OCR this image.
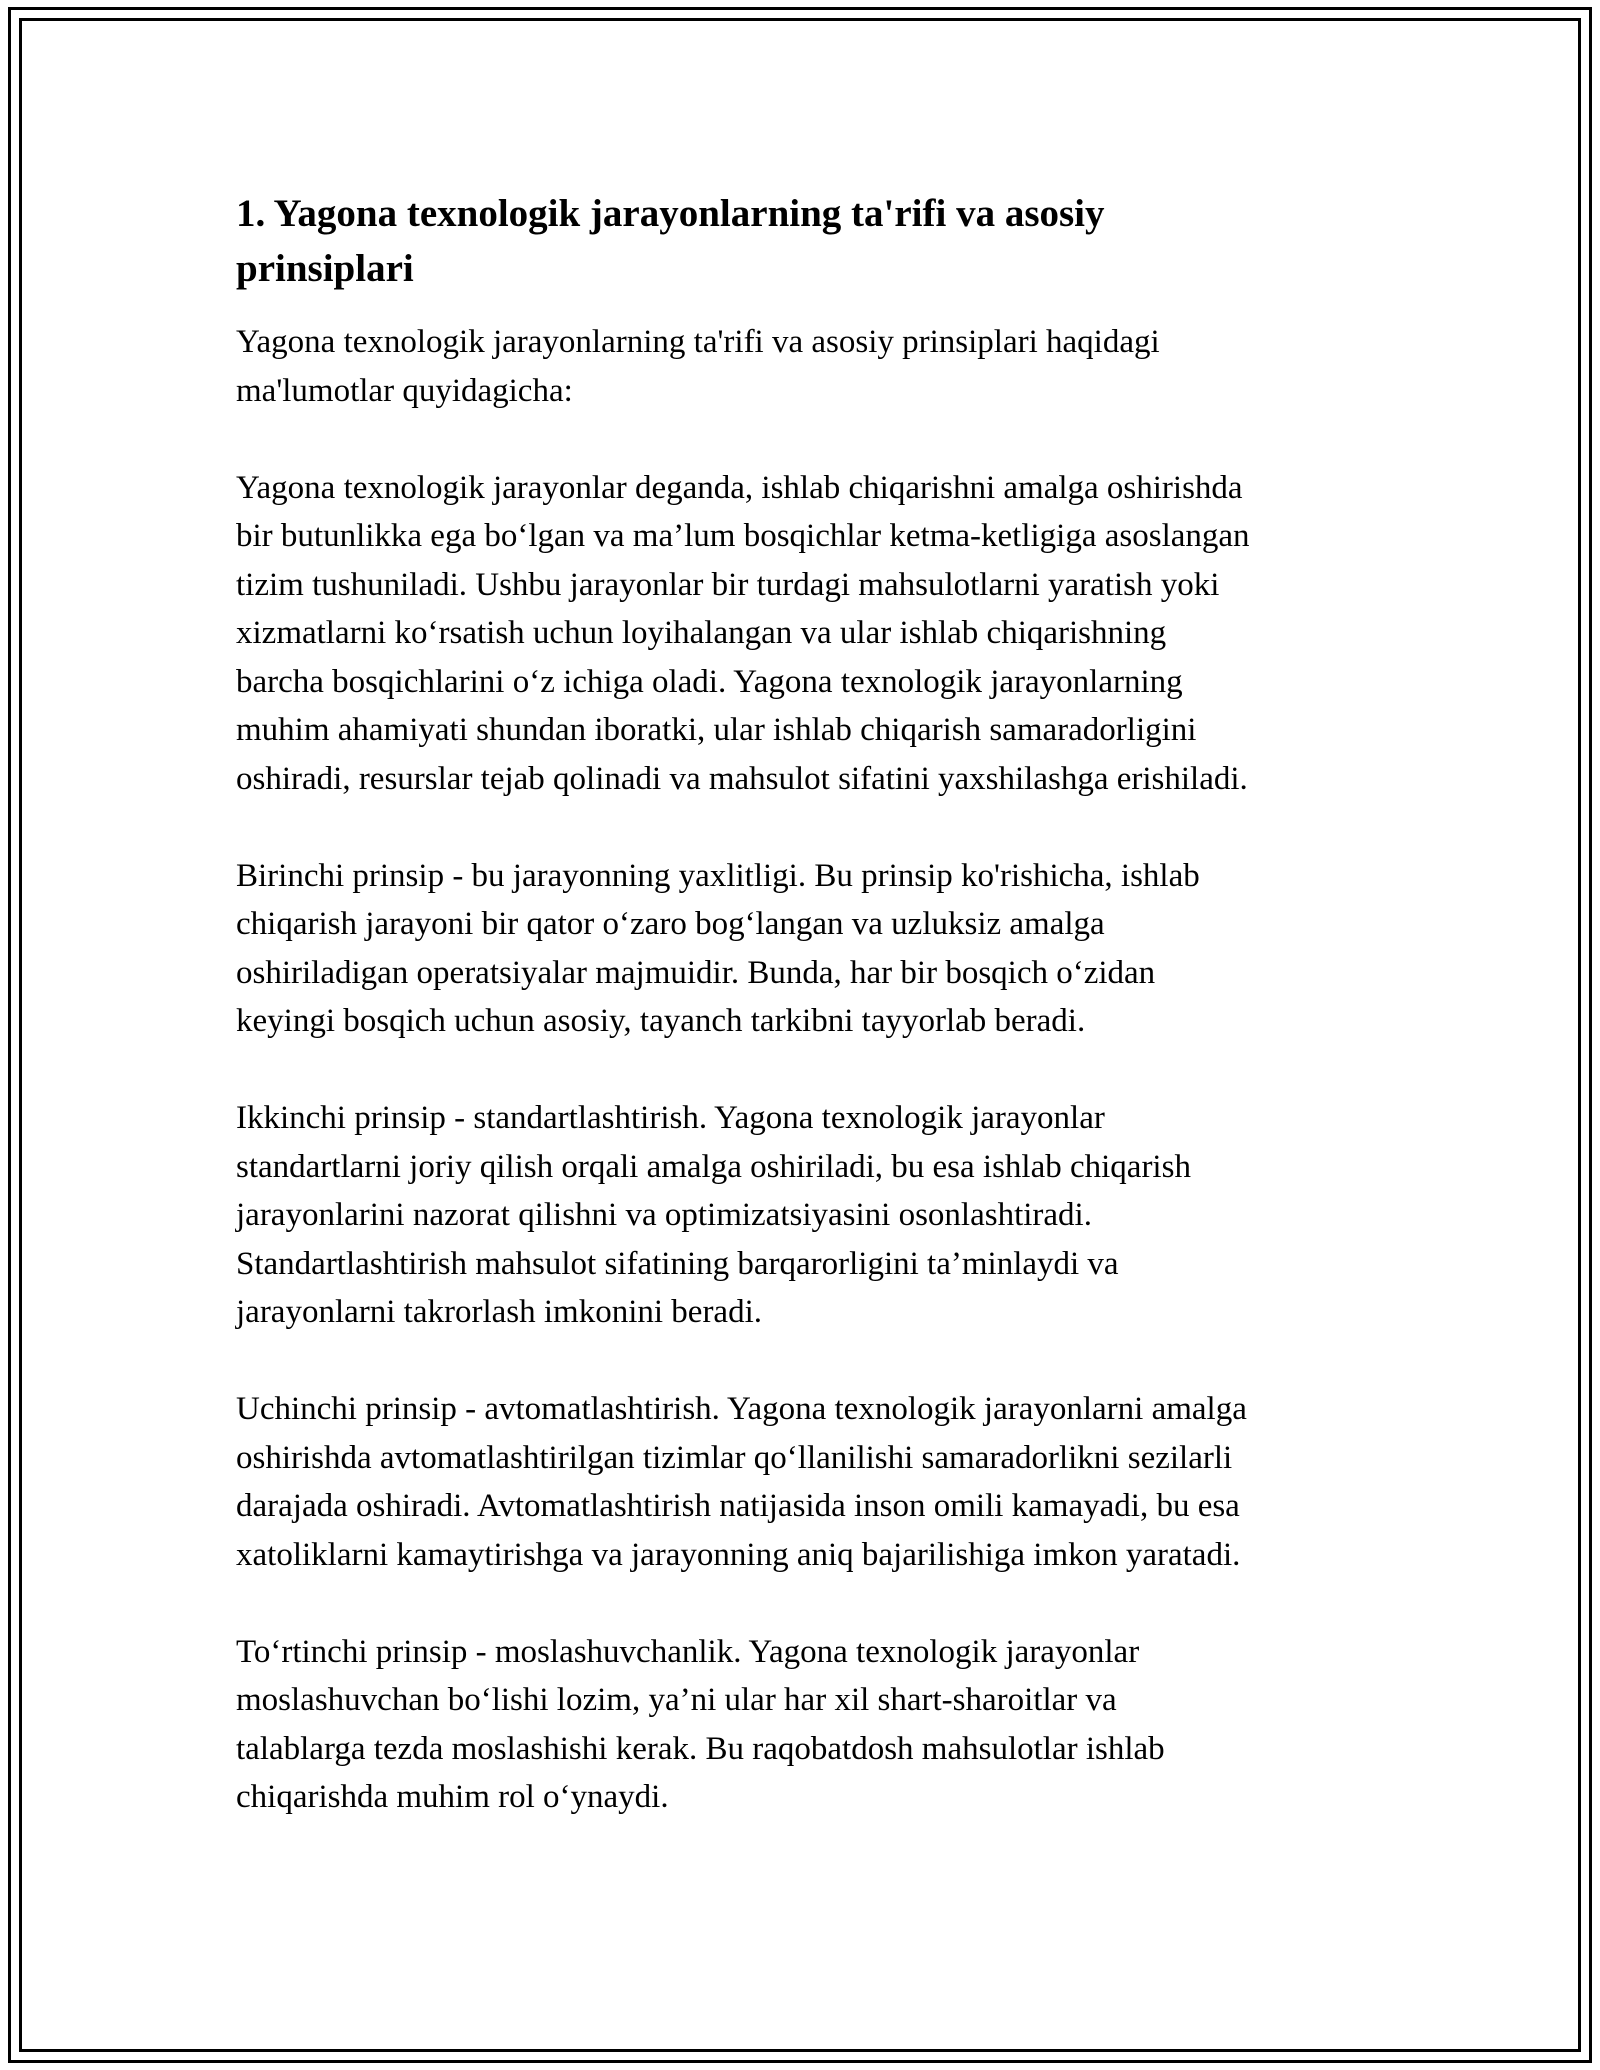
1. Yagona texnologik jarayonlarning ta'rifi va asosiy prinsiplari

Yagona texnologik jarayonlarning ta'rifi va asosiy prinsiplari haqidagi
ma'lumotlar quyidagicha:

Yagona texnologik jarayonlar deganda, ishlab chiqarishni amalga oshirishda
bir butunlikka ega bo‘lgan va ma’lum bosqichlar ketma-ketligiga asoslangan
tizim tushuniladi. Ushbu jarayonlar bir turdagi mahsulotlarni yaratish yoki
xizmatlarni ko‘rsatish uchun loyihalangan va ular ishlab chiqarishning
barcha bosqichlarini o‘z ichiga oladi. Yagona texnologik jarayonlarning
muhim ahamiyati shundan iboratki, ular ishlab chiqarish samaradorligini
oshiradi, resurslar tejab qolinadi va mahsulot sifatini yaxshilashga erishiladi.

Birinchi prinsip - bu jarayonning yaxlitligi. Bu prinsip ko'rishicha, ishlab
chiqarish jarayoni bir qator o‘zaro bog‘langan va uzluksiz amalga
oshiriladigan operatsiyalar majmuidir. Bunda, har bir bosqich o‘zidan
keyingi bosqich uchun asosiy, tayanch tarkibni tayyorlab beradi.

Ikkinchi prinsip - standartlashtirish. Yagona texnologik jarayonlar
standartlarni joriy qilish orqali amalga oshiriladi, bu esa ishlab chiqarish
jarayonlarini nazorat qilishni va optimizatsiyasini osonlashtiradi.
Standartlashtirish mahsulot sifatining barqarorligini ta’minlaydi va
jarayonlarni takrorlash imkonini beradi.

Uchinchi prinsip - avtomatlashtirish. Yagona texnologik jarayonlarni amalga
oshirishda avtomatlashtirilgan tizimlar qo‘llanilishi samaradorlikni sezilarli
darajada oshiradi. Avtomatlashtirish natijasida inson omili kamayadi, bu esa
xatoliklarni kamaytirishga va jarayonning aniq bajarilishiga imkon yaratadi.

To‘rtinchi prinsip - moslashuvchanlik. Yagona texnologik jarayonlar
moslashuvchan bo‘lishi lozim, ya’ni ular har xil shart-sharoitlar va
talablarga tezda moslashishi kerak. Bu raqobatdosh mahsulotlar ishlab
chiqarishda muhim rol o‘ynaydi.
